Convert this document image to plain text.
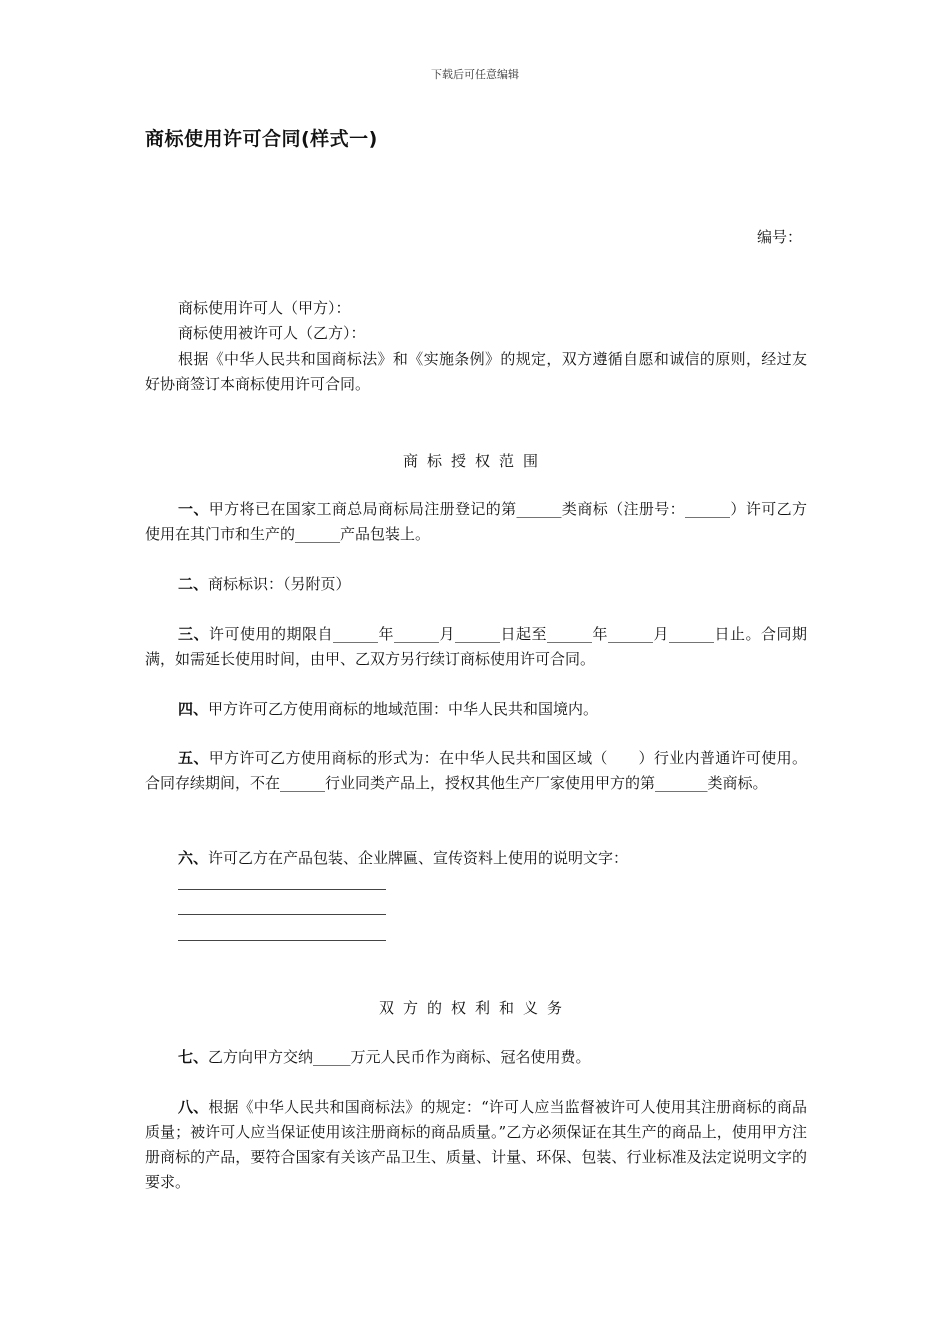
下载后可任意编辑
商标使用许可合同(样式一)
编号：
商标使用许可人（甲方）：
商标使用被许可人（乙方）：
根据《中华人民共和国商标法》和《实施条例》的规定，双方遵循自愿和诚信的原则，经过友好协商签订本商标使用许可合同。
商标授权范围
一、甲方将已在国家工商总局商标局注册登记的第______类商标（注册号：______）许可乙方使用在其门市和生产的______产品包装上。
二、商标标识：（另附页）
三、许可使用的期限自______年______月______日起至______年______月______日止。合同期满，如需延长使用时间，由甲、乙双方另行续订商标使用许可合同。
四、甲方许可乙方使用商标的地域范围：中华人民共和国境内。
五、甲方许可乙方使用商标的形式为：在中华人民共和国区域（　　）行业内普通许可使用。合同存续期间，不在______行业同类产品上，授权其他生产厂家使用甲方的第_______类商标。
六、许可乙方在产品包装、企业牌匾、宣传资料上使用的说明文字：
双方的权利和义务
七、乙方向甲方交纳_____万元人民币作为商标、冠名使用费。
八、根据《中华人民共和国商标法》的规定：“许可人应当监督被许可人使用其注册商标的商品质量；被许可人应当保证使用该注册商标的商品质量。”乙方必须保证在其生产的商品上，使用甲方注册商标的产品，要符合国家有关该产品卫生、质量、计量、环保、包装、行业标准及法定说明文字的要求。
